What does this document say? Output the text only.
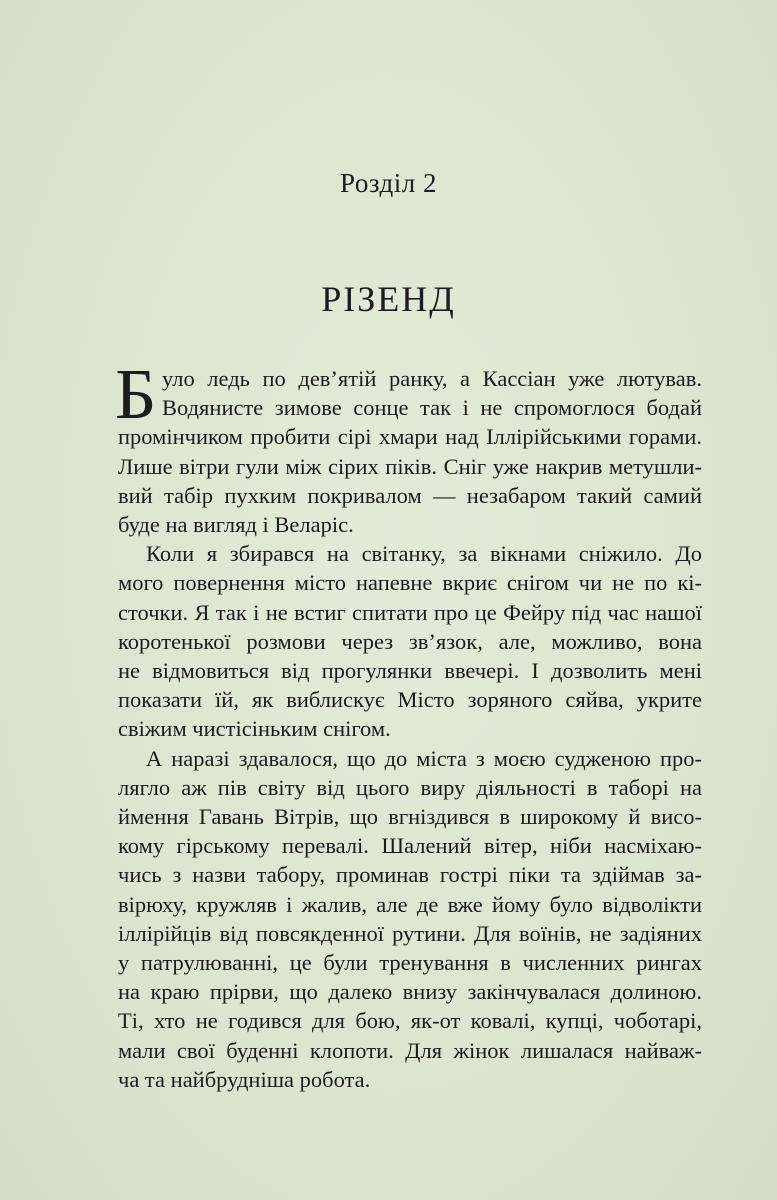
Розділ 2
РІЗЕНД
Б уло ледь по дев’ятій ранку, а Кассіан уже лютував.
Водянисте зимове сонце так і не спромоглося бодай
промінчиком пробити сірі хмари над Іллірійськими горами.
Лише вітри гули між сірих піків. Сніг уже накрив метушли-
вий табір пухким покривалом — незабаром такий самий
буде на вигляд і Веларіс.
Коли я збирався на світанку, за вікнами сніжило. До
мого повернення місто напевне вкриє снігом чи не по кі-
сточки. Я так і не встиг спитати про це Фейру під час нашої
коротенької розмови через зв’язок, але, можливо, вона
не відмовиться від прогулянки ввечері. І дозволить мені
показати їй, як виблискує Місто зоряного сяйва, укрите
свіжим чистісіньким снігом.
А наразі здавалося, що до міста з моєю судженою про-
лягло аж пів світу від цього виру діяльності в таборі на
ймення Гавань Вітрів, що вгніздився в широкому й висо-
кому гірському перевалі. Шалений вітер, ніби насміхаю-
чись з назви табору, проминав гострі піки та здіймав за-
вірюху, кружляв і жалив, але де вже йому було відволікти
іллірійців від повсякденної рутини. Для воїнів, не задіяних
у патрулюванні, це були тренування в численних рингах
на краю прірви, що далеко внизу закінчувалася долиною.
Ті, хто не годився для бою, як-от ковалі, купці, чоботарі,
мали свої буденні клопоти. Для жінок лишалася найваж-
ча та найбрудніша робота.
